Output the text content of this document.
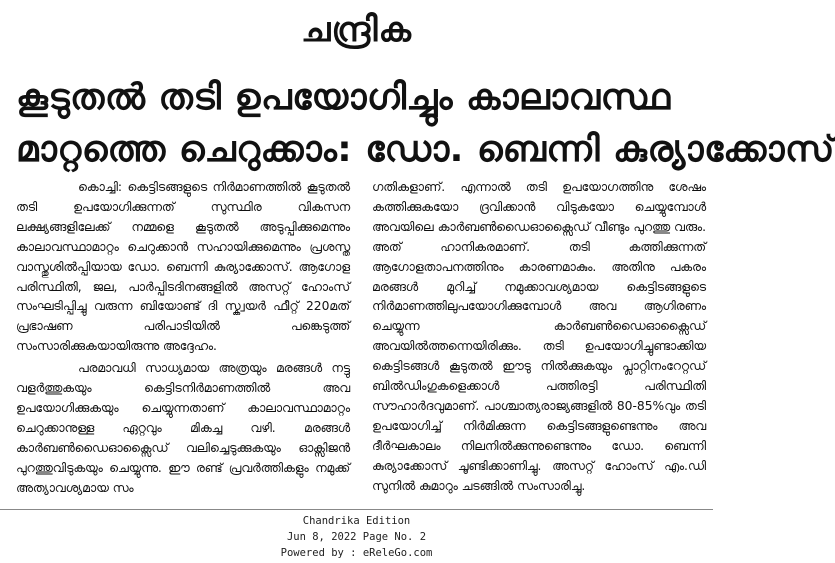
ചന്ദ്രിക
കൂടുതൽ തടി ഉപയോഗിച്ചും കാലാവസ്ഥ
മാറ്റത്തെ ചെറുക്കാം: ഡോ. ബെന്നി കുര്യാക്കോസ്

കൊച്ചി: കെട്ടിടങ്ങളുടെ നിർമാണത്തിൽ കൂടുതൽ തടി ഉപയോഗിക്കുന്നത് സുസ്ഥിര വികസന ലക്ഷ്യങ്ങളിലേക്ക് നമ്മളെ കൂടുതൽ അടുപ്പിക്കുമെന്നും കാലാവസ്ഥാമാറ്റം ചെറുക്കാൻ സഹായിക്കുമെന്നും പ്രശസ്ത വാസ്തുശിൽപ്പിയായ ഡോ. ബെന്നി കുര്യാക്കോസ്. ആഗോള പരിസ്ഥിതി, ജല, പാർപ്പിടദിനങ്ങളിൽ അസറ്റ് ഹോംസ് സംഘടിപ്പിച്ചു വരുന്ന ബിയോണ്ട് ദി സ്ക്വയർ ഫീറ്റ് 220മത് പ്രഭാഷണ പരിപാടിയിൽ പങ്കെടുത്ത് സംസാരിക്കുകയായിരുന്നു അദ്ദേഹം.

പരമാവധി സാധ്യമായ അത്രയും മരങ്ങൾ നട്ടു വളർത്തുകയും കെട്ടിടനിർമാണത്തിൽ അവ ഉപയോഗിക്കുകയും ചെയ്യുന്നതാണ് കാലാവസ്ഥാമാറ്റം ചെറുക്കാനുള്ള ഏറ്റവും മികച്ച വഴി. മരങ്ങൾ കാർബൺഡൈഓക്സൈഡ് വലിച്ചെടുക്കുകയും ഓക്സിജൻ പുറത്തുവിടുകയും ചെയ്യുന്നു. ഈ രണ്ട് പ്രവർത്തികളും നമുക്ക് അത്യാവശ്യമായ സം

ഗതികളാണ്. എന്നാൽ തടി ഉപയോഗത്തിനു ശേഷം കത്തിക്കുകയോ ദ്രവിക്കാൻ വിടുകയോ ചെയ്യുമ്പോൾ അവയിലെ കാർബൺഡൈഓക്സൈഡ് വീണ്ടും പുറത്തു വരും. അത് ഹാനികരമാണ്. തടി കത്തിക്കുന്നത് ആഗോളതാപനത്തിനും കാരണമാകും. അതിനു പകരം മരങ്ങൾ മുറിച്ച് നമുക്കാവശ്യമായ കെട്ടിടങ്ങളുടെ നിർമാണത്തിലുപയോഗിക്കുമ്പോൾ അവ ആഗിരണം ചെയ്യുന്ന കാർബൺഡൈഓക്സൈഡ് അവയിൽത്തന്നെയിരിക്കും. തടി ഉപയോഗിച്ചുണ്ടാക്കിയ കെട്ടിടങ്ങൾ കൂടുതൽ ഈടു നിൽക്കുകയും പ്ലാറ്റിനംറേറ്റഡ് ബിൽഡിംഗുകളെക്കാൾ പത്തിരട്ടി പരിസ്ഥിതി സൗഹാർദവുമാണ്. പാശ്ചാത്യരാജ്യങ്ങളിൽ 80-85%വും തടി ഉപയോഗിച്ച് നിർമിക്കുന്ന കെട്ടിടങ്ങളുണ്ടെന്നും അവ ദീർഘകാലം നിലനിൽക്കുന്നുണ്ടെന്നും ഡോ. ബെന്നി കുര്യാക്കോസ് ചൂണ്ടിക്കാണിച്ചു. അസറ്റ് ഹോംസ് എം.ഡി സുനിൽ കുമാറും ചടങ്ങിൽ സംസാരിച്ചു.

Chandrika Edition
Jun 8, 2022 Page No. 2
Powered by : eReleGo.com
